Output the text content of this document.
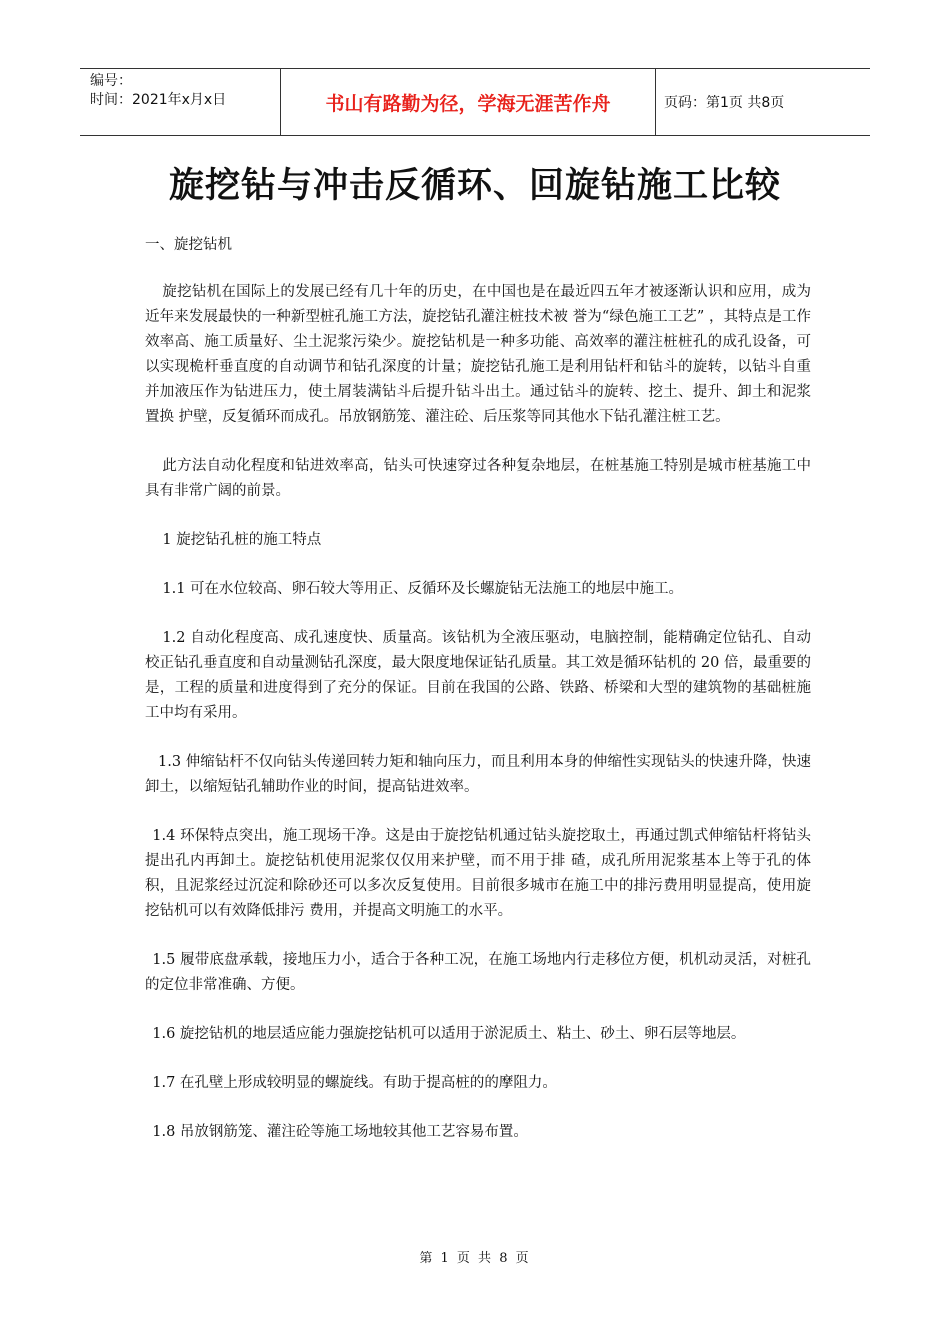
编号：
时间：2021年x月x日	书山有路勤为径，学海无涯苦作舟	页码：第1页 共8页
旋挖钻与冲击反循环、回旋钻施工比较

一、旋挖钻机

旋挖钻机在国际上的发展已经有几十年的历史，在中国也是在最近四五年才被逐渐认识和应用，成为近年来发展最快的一种新型桩孔施工方法，旋挖钻孔灌注桩技术被 誉为“绿色施工工艺” ，其特点是工作效率高、施工质量好、尘土泥浆污染少。旋挖钻机是一种多功能、高效率的灌注桩桩孔的成孔设备，可以实现桅杆垂直度的自动调节和钻孔深度的计量；旋挖钻孔施工是利用钻杆和钻斗的旋转，以钻斗自重并加液压作为钻进压力，使土屑装满钻斗后提升钻斗出土。通过钻斗的旋转、挖土、提升、卸土和泥浆置换 护壁，反复循环而成孔。吊放钢筋笼、灌注砼、后压浆等同其他水下钻孔灌注桩工艺。

此方法自动化程度和钻进效率高，钻头可快速穿过各种复杂地层，在桩基施工特别是城市桩基施工中具有非常广阔的前景。

1 旋挖钻孔桩的施工特点

1.1 可在水位较高、卵石较大等用正、反循环及长螺旋钻无法施工的地层中施工。

1.2 自动化程度高、成孔速度快、质量高。该钻机为全液压驱动，电脑控制，能精确定位钻孔、自动校正钻孔垂直度和自动量测钻孔深度，最大限度地保证钻孔质量。其工效是循环钻机的 20 倍，最重要的是，工程的质量和进度得到了充分的保证。目前在我国的公路、铁路、桥梁和大型的建筑物的基础桩施工中均有采用。

1.3 伸缩钻杆不仅向钻头传递回转力矩和轴向压力，而且利用本身的伸缩性实现钻头的快速升降，快速卸土，以缩短钻孔辅助作业的时间，提高钻进效率。

1.4 环保特点突出，施工现场干净。这是由于旋挖钻机通过钻头旋挖取土，再通过凯式伸缩钻杆将钻头提出孔内再卸土。旋挖钻机使用泥浆仅仅用来护壁，而不用于排 碴，成孔所用泥浆基本上等于孔的体积，且泥浆经过沉淀和除砂还可以多次反复使用。目前很多城市在施工中的排污费用明显提高，使用旋挖钻机可以有效降低排污 费用，并提高文明施工的水平。

1.5 履带底盘承载，接地压力小，适合于各种工况，在施工场地内行走移位方便，机机动灵活，对桩孔的定位非常准确、方便。

1.6 旋挖钻机的地层适应能力强旋挖钻机可以适用于淤泥质土、粘土、砂土、卵石层等地层。

1.7 在孔壁上形成较明显的螺旋线。有助于提高桩的的摩阻力。

1.8 吊放钢筋笼、灌注砼等施工场地较其他工艺容易布置。

第 1 页 共 8 页
